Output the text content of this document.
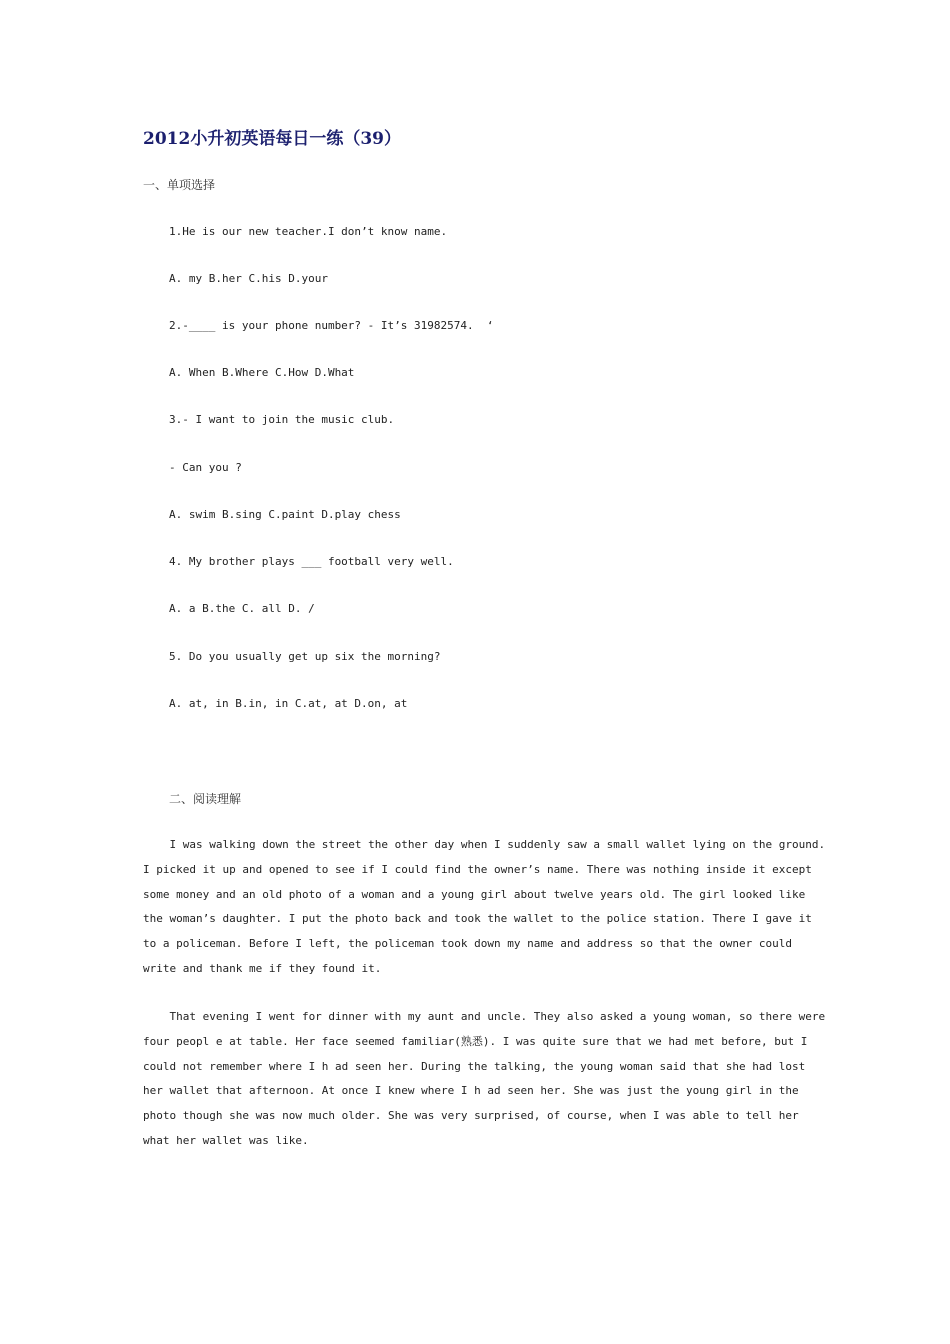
2012小升初英语每日一练（39）
一、单项选择
1.He is our new teacher.I don’t know name.
A. my B.her C.his D.your
2.-____ is your phone number? - It’s 31982574.  ‘
A. When B.Where C.How D.What
3.- I want to join the music club.
- Can you ?
A. swim B.sing C.paint D.play chess
4. My brother plays ___ football very well.
A. a B.the C. all D. /
5. Do you usually get up six the morning?
A. at, in B.in, in C.at, at D.on, at
二、阅读理解
I was walking down the street the other day when I suddenly saw a small wallet lying on the ground.
I picked it up and opened to see if I could find the owner’s name. There was nothing inside it except
some money and an old photo of a woman and a young girl about twelve years old. The girl looked like
the woman’s daughter. I put the photo back and took the wallet to the police station. There I gave it
to a policeman. Before I left, the policeman took down my name and address so that the owner could
write and thank me if they found it.
That evening I went for dinner with my aunt and uncle. They also asked a young woman, so there were
four peopl e at table. Her face seemed familiar(熟悉). I was quite sure that we had met before, but I
could not remember where I h ad seen her. During the talking, the young woman said that she had lost
her wallet that afternoon. At once I knew where I h ad seen her. She was just the young girl in the
photo though she was now much older. She was very surprised, of course, when I was able to tell her
what her wallet was like.
